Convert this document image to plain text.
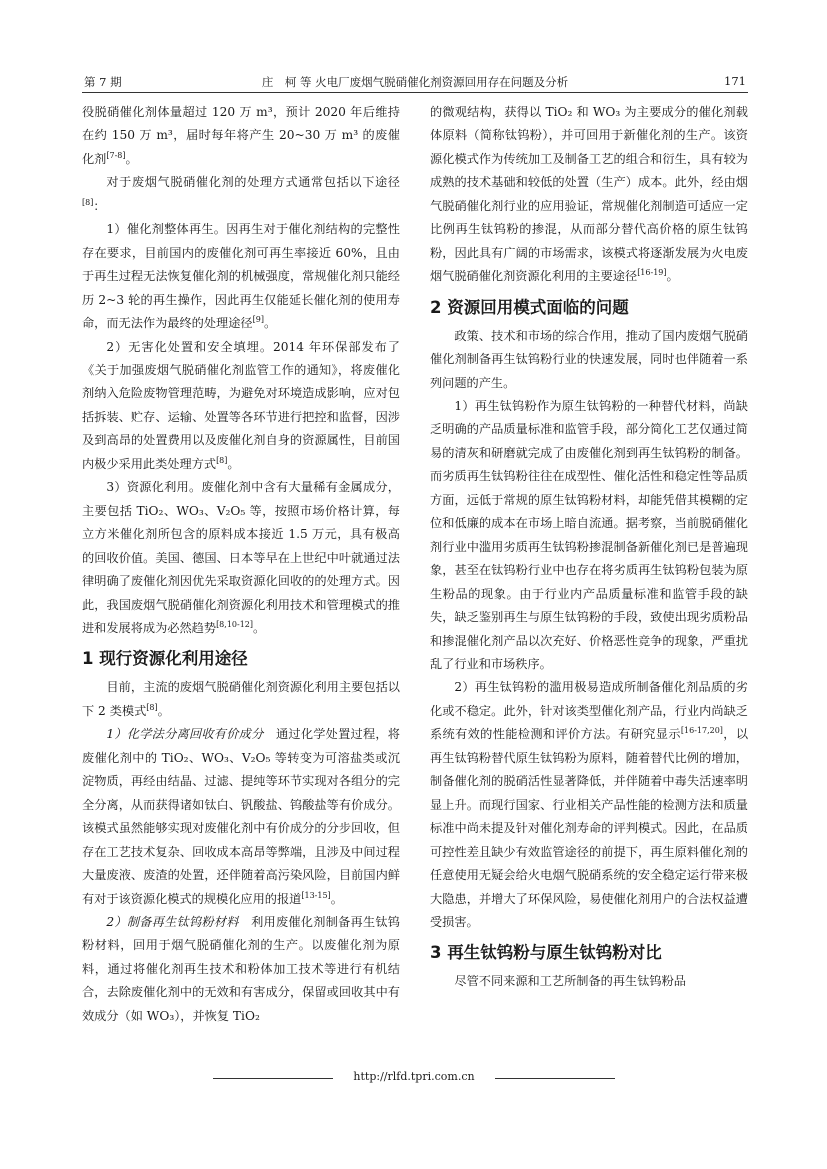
第 7 期	庄　柯 等 火电厂废烟气脱硝催化剂资源回用存在问题及分析	171

役脱硝催化剂体量超过 120 万 m³，预计 2020 年后维持在约 150 万 m³，届时每年将产生 20~30 万 m³ 的废催化剂[7-8]。

对于废烟气脱硝催化剂的处理方式通常包括以下途径[8]：

1）催化剂整体再生。因再生对于催化剂结构的完整性存在要求，目前国内的废催化剂可再生率接近 60%，且由于再生过程无法恢复催化剂的机械强度，常规催化剂只能经历 2~3 轮的再生操作，因此再生仅能延长催化剂的使用寿命，而无法作为最终的处理途径[9]。

2）无害化处置和安全填埋。2014 年环保部发布了《关于加强废烟气脱硝催化剂监管工作的通知》，将废催化剂纳入危险废物管理范畴，为避免对环境造成影响，应对包括拆装、贮存、运输、处置等各环节进行把控和监督，因涉及到高昂的处置费用以及废催化剂自身的资源属性，目前国内极少采用此类处理方式[8]。

3）资源化利用。废催化剂中含有大量稀有金属成分，主要包括 TiO₂、WO₃、V₂O₅ 等，按照市场价格计算，每立方米催化剂所包含的原料成本接近 1.5 万元，具有极高的回收价值。美国、德国、日本等早在上世纪中叶就通过法律明确了废催化剂因优先采取资源化回收的的处理方式。因此，我国废烟气脱硝催化剂资源化利用技术和管理模式的推进和发展将成为必然趋势[8,10-12]。

1 现行资源化利用途径

目前，主流的废烟气脱硝催化剂资源化利用主要包括以下 2 类模式[8]。

1）化学法分离回收有价成分　通过化学处置过程，将废催化剂中的 TiO₂、WO₃、V₂O₅ 等转变为可溶盐类或沉淀物质，再经由结晶、过滤、提纯等环节实现对各组分的完全分离，从而获得诸如钛白、钒酸盐、钨酸盐等有价成分。该模式虽然能够实现对废催化剂中有价成分的分步回收，但存在工艺技术复杂、回收成本高昂等弊端，且涉及中间过程大量废液、废渣的处置，还伴随着高污染风险，目前国内鲜有对于该资源化模式的规模化应用的报道[13-15]。

2）制备再生钛钨粉材料　利用废催化剂制备再生钛钨粉材料，回用于烟气脱硝催化剂的生产。以废催化剂为原料，通过将催化剂再生技术和粉体加工技术等进行有机结合，去除废催化剂中的无效和有害成分，保留或回收其中有效成分（如 WO₃），并恢复 TiO₂

的微观结构，获得以 TiO₂ 和 WO₃ 为主要成分的催化剂载体原料（简称钛钨粉），并可回用于新催化剂的生产。该资源化模式作为传统加工及制备工艺的组合和衍生，具有较为成熟的技术基础和较低的处置（生产）成本。此外，经由烟气脱硝催化剂行业的应用验证，常规催化剂制造可适应一定比例再生钛钨粉的掺混，从而部分替代高价格的原生钛钨粉，因此具有广阔的市场需求，该模式将逐渐发展为火电废烟气脱硝催化剂资源化利用的主要途径[16-19]。

2 资源回用模式面临的问题

政策、技术和市场的综合作用，推动了国内废烟气脱硝催化剂制备再生钛钨粉行业的快速发展，同时也伴随着一系列问题的产生。

1）再生钛钨粉作为原生钛钨粉的一种替代材料，尚缺乏明确的产品质量标准和监管手段，部分简化工艺仅通过简易的清灰和研磨就完成了由废催化剂到再生钛钨粉的制备。而劣质再生钛钨粉往往在成型性、催化活性和稳定性等品质方面，远低于常规的原生钛钨粉材料，却能凭借其模糊的定位和低廉的成本在市场上暗自流通。据考察，当前脱硝催化剂行业中滥用劣质再生钛钨粉掺混制备新催化剂已是普遍现象，甚至在钛钨粉行业中也存在将劣质再生钛钨粉包装为原生粉品的现象。由于行业内产品质量标准和监管手段的缺失，缺乏鉴别再生与原生钛钨粉的手段，致使出现劣质粉品和掺混催化剂产品以次充好、价格恶性竞争的现象，严重扰乱了行业和市场秩序。

2）再生钛钨粉的滥用极易造成所制备催化剂品质的劣化或不稳定。此外，针对该类型催化剂产品，行业内尚缺乏系统有效的性能检测和评价方法。有研究显示[16-17,20]，以再生钛钨粉替代原生钛钨粉为原料，随着替代比例的增加，制备催化剂的脱硝活性显著降低，并伴随着中毒失活速率明显上升。而现行国家、行业相关产品性能的检测方法和质量标准中尚未提及针对催化剂寿命的评判模式。因此，在品质可控性差且缺少有效监管途径的前提下，再生原料催化剂的任意使用无疑会给火电烟气脱硝系统的安全稳定运行带来极大隐患，并增大了环保风险，易使催化剂用户的合法权益遭受损害。

3 再生钛钨粉与原生钛钨粉对比

尽管不同来源和工艺所制备的再生钛钨粉品

http://rlfd.tpri.com.cn
